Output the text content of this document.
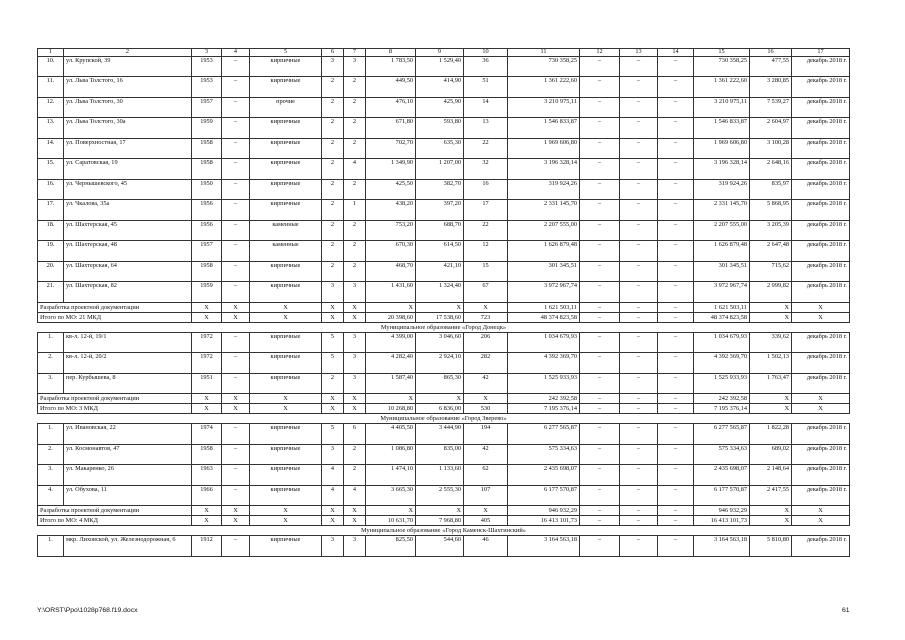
1	2	3	4	5	6	7	8	9	10	11	12	13	14	15	16	17
10.	ул. Крупской, 39	1953	–	кирпичные	3	3	1 783,50	1 529,40	36	730 358,25	–	–	–	730 358,25	477,55	декабрь 2018 г.
11.	ул. Льва Толстого, 16	1953	–	кирпичные	2	2	449,50	414,90	51	1 361 222,60	–	–	–	1 361 222,60	3 280,85	декабрь 2018 г.
12.	ул. Льва Толстого, 30	1957	–	прочие	2	2	476,10	425,90	14	3 210 975,11	–	–	–	3 210 975,11	7 539,27	декабрь 2018 г.
13.	ул. Льва Толстого, 30а	1959	–	кирпичные	2	2	671,80	593,80	13	1 546 833,87	–	–	–	1 546 833,87	2 604,97	декабрь 2018 г.
14.	ул. Поверхностная, 17	1958	–	кирпичные	2	2	702,70	635,30	22	1 969 606,80	–	–	–	1 969 606,80	3 100,28	декабрь 2018 г.
15.	ул. Саратовская, 19	1958	–	кирпичные	2	4	1 349,90	1 207,00	32	3 196 328,14	–	–	–	3 196 328,14	2 648,16	декабрь 2018 г.
16.	ул. Чернышевского, 45	1950	–	кирпичные	2	2	425,50	382,70	16	319 924,26	–	–	–	319 924,26	835,97	декабрь 2018 г.
17.	ул. Чкалова, 35а	1956	–	кирпичные	2	1	438,20	397,20	17	2 331 145,70	–	–	–	2 331 145,70	5 868,95	декабрь 2018 г.
18.	ул. Шахтерская, 45	1956	–	каменные	2	2	753,20	688,70	22	2 207 555,00	–	–	–	2 207 555,00	3 205,39	декабрь 2018 г.
19.	ул. Шахтерская, 48	1957	–	каменные	2	2	670,30	614,50	12	1 626 879,48	–	–	–	1 626 879,48	2 647,48	декабрь 2018 г.
20.	ул. Шахтерская, 64	1958	–	кирпичные	2	2	468,70	421,10	15	301 345,51	–	–	–	301 345,51	715,62	декабрь 2018 г.
21.	ул. Шахтерская, 82	1959	–	кирпичные	3	3	1 431,60	1 324,40	67	3 972 967,74	–	–	–	3 972 967,74	2 999,82	декабрь 2018 г.
Разработка проектной документации		X	X	X	X	X	X	X	X	1 621 503,11	–	–	–	1 621 503,11	X	X
Итого по МО: 21 МКД		X	X	X	X	X	20 398,60	17 538,60	723	48 374 823,58	–	–	–	48 374 823,58	X	X
Муниципальное образование «Город Донецк»																
1.	кв-л. 12-й, 19/1	1972	–	кирпичные	5	3	4 399,00	3 046,60	206	1 034 679,93	–	–	–	1 034 679,93	339,62	декабрь 2018 г.
2.	кв-л. 12-й, 20/2	1972	–	кирпичные	5	3	4 282,40	2 924,10	282	4 392 369,70	–	–	–	4 392 369,70	1 502,13	декабрь 2018 г.
3.	пер. Курбышева, 8	1951	–	кирпичные	2	3	1 587,40	865,30	42	1 525 933,93	–	–	–	1 525 933,93	1 763,47	декабрь 2018 г.
Разработка проектной документации		X	X	X	X	X	X	X	X	242 392,58	–	–	–	242 392,58	X	X
Итого по МО: 3 МКД		X	X	X	X	X	10 268,80	6 836,00	530	7 195 376,14	–	–	–	7 195 376,14	X	X
Муниципальное образование «Город Зверево»																
1.	ул. Ивановская, 22	1974	–	кирпичные	5	6	4 405,50	3 444,90	194	6 277 565,87	–	–	–	6 277 565,87	1 822,28	декабрь 2018 г.
2.	ул. Космонавтов, 47	1958	–	кирпичные	3	2	1 086,80	835,00	42	575 334,63	–	–	–	575 334,63	689,02	декабрь 2018 г.
3.	ул. Макаренко, 26	1963	–	кирпичные	4	2	1 474,10	1 133,60	62	2 435 698,07	–	–	–	2 435 698,07	2 148,64	декабрь 2018 г.
4.	ул. Обухова, 11	1966	–	кирпичные	4	4	3 665,30	2 555,30	107	6 177 570,87	–	–	–	6 177 570,87	2 417,55	декабрь 2018 г.
Разработка проектной документации		X	X	X	X	X	X	X	X	946 932,29	–	–	–	946 932,29	X	X
Итого по МО: 4 МКД		X	X	X	X	X	10 631,70	7 968,80	405	16 413 101,73	–	–	–	16 413 101,73	X	X
Муниципальное образование «Город Каменск-Шахтинский»																
1.	мкр. Лиховской, ул. Железнодорожная, 6	1912	–	кирпичные	3	3	825,50	544,60	46	3 164 563,18	–	–	–	3 164 563,18	5 810,80	декабрь 2018 г.
Y:\ORST\Ppo\1028p768.f19.docx	61
